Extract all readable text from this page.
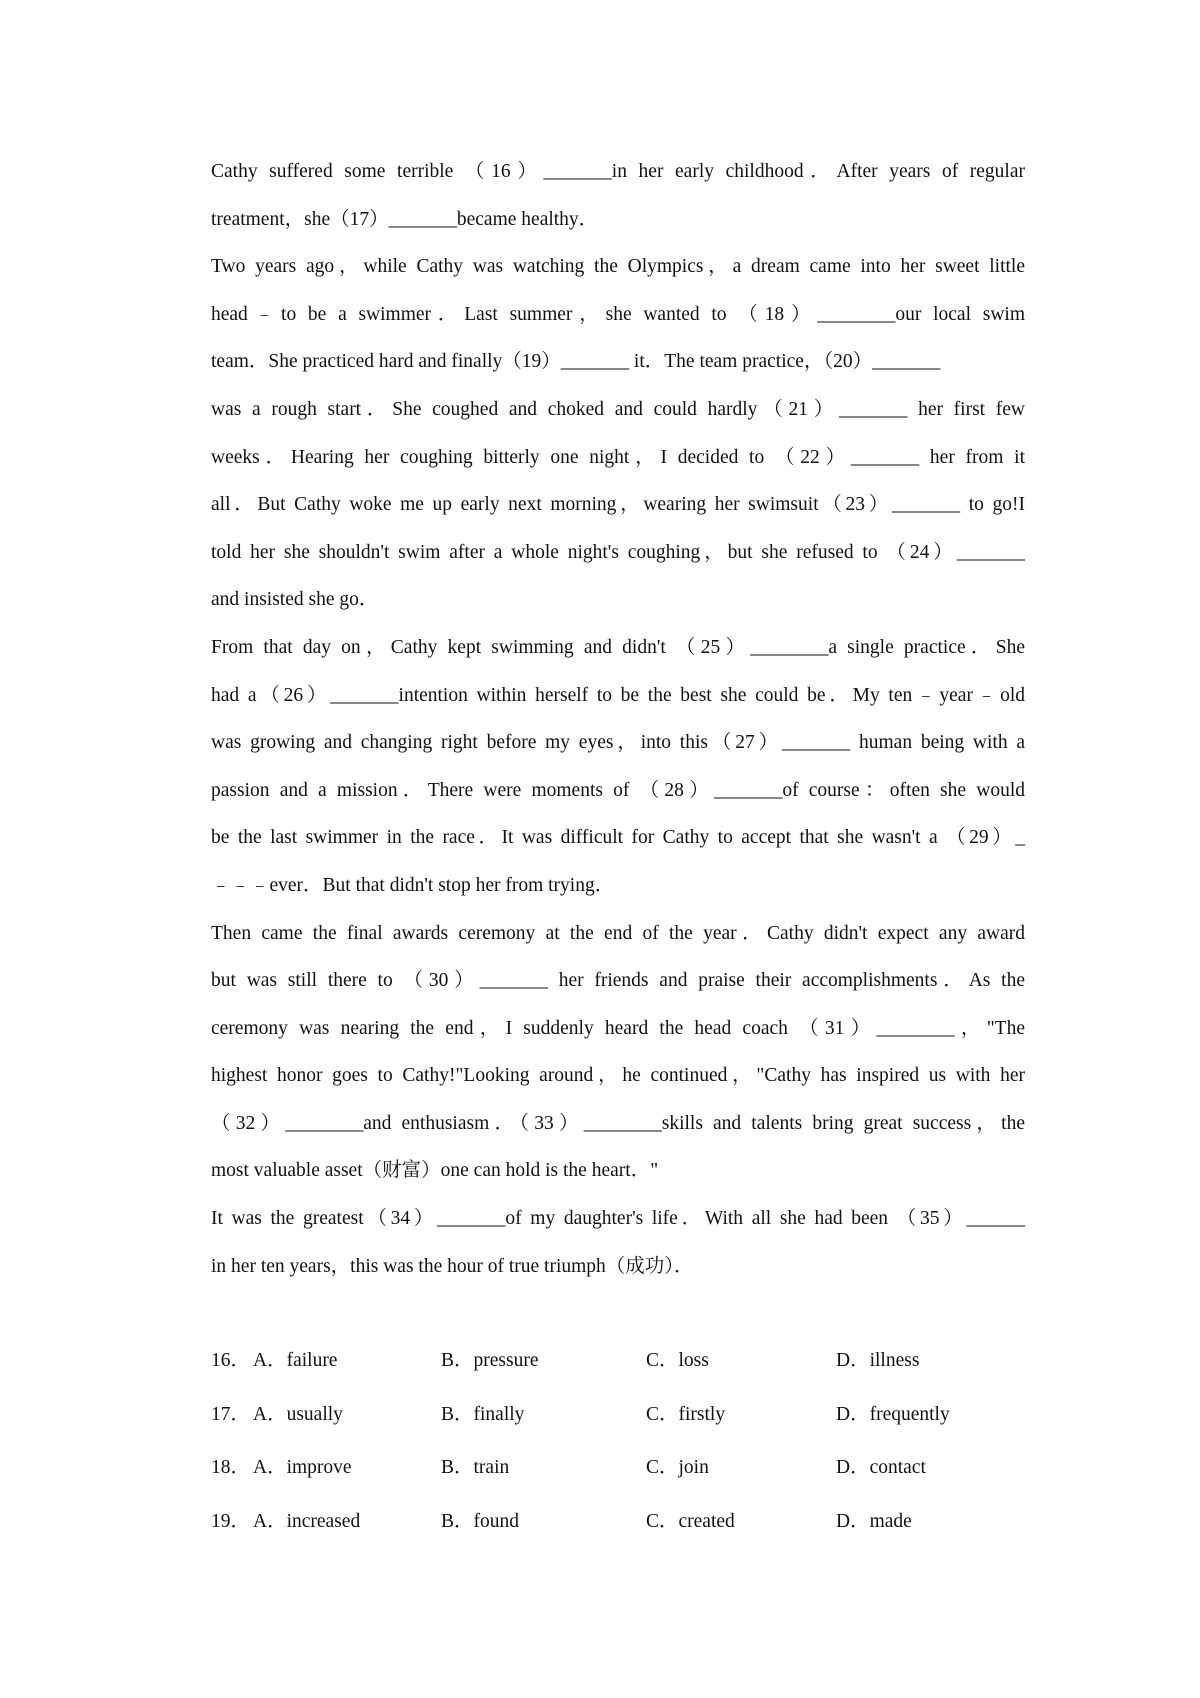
Cathy suffered some terrible （16）_______in her early childhood．After years of regular
treatment，she（17）_______became healthy．
Two years ago，while Cathy was watching the Olympics，a dream came into her sweet little
head﹣to be a swimmer．Last summer，she wanted to （18）________our local swim
team．She practiced hard and finally（19）_______ it．The team practice，（20）_______
was a rough start．She coughed and choked and could hardly（21）_______ her first few
weeks．Hearing her coughing bitterly one night，I decided to （22）_______ her from it
all．But Cathy woke me up early next morning，wearing her swimsuit（23）_______ to go!I
told her she shouldn't swim after a whole night's coughing，but she refused to （24）_______
and insisted she go．
From that day on，Cathy kept swimming and didn't （25）________a single practice．She
had a（26）_______intention within herself to be the best she could be．My ten﹣year﹣old
was growing and changing right before my eyes，into this（27）_______ human being with a
passion and a mission．There were moments of （28）_______of course：often she would
be the last swimmer in the race．It was difficult for Cathy to accept that she wasn't a （29）_
﹣﹣﹣ever．But that didn't stop her from trying．
Then came the final awards ceremony at the end of the year．Cathy didn't expect any award
but was still there to （30）_______ her friends and praise their accomplishments．As the
ceremony was nearing the end，I suddenly heard the head coach （31）________，"The
highest honor goes to Cathy!"Looking around，he continued，"Cathy has inspired us with her
（32）________and enthusiasm．（33）________skills and talents bring great success，the
most valuable asset（财富）one can hold is the heart．"
It was the greatest（34）_______of my daughter's life．With all she had been （35）______
in her ten years，this was the hour of true triumph（成功）．
16． A．failure	B．pressure	C．loss	D．illness
17． A．usually	B．finally	C．firstly	D．frequently
18． A．improve	B．train	C．join	D．contact
19． A．increased	B．found	C．created	D．made
